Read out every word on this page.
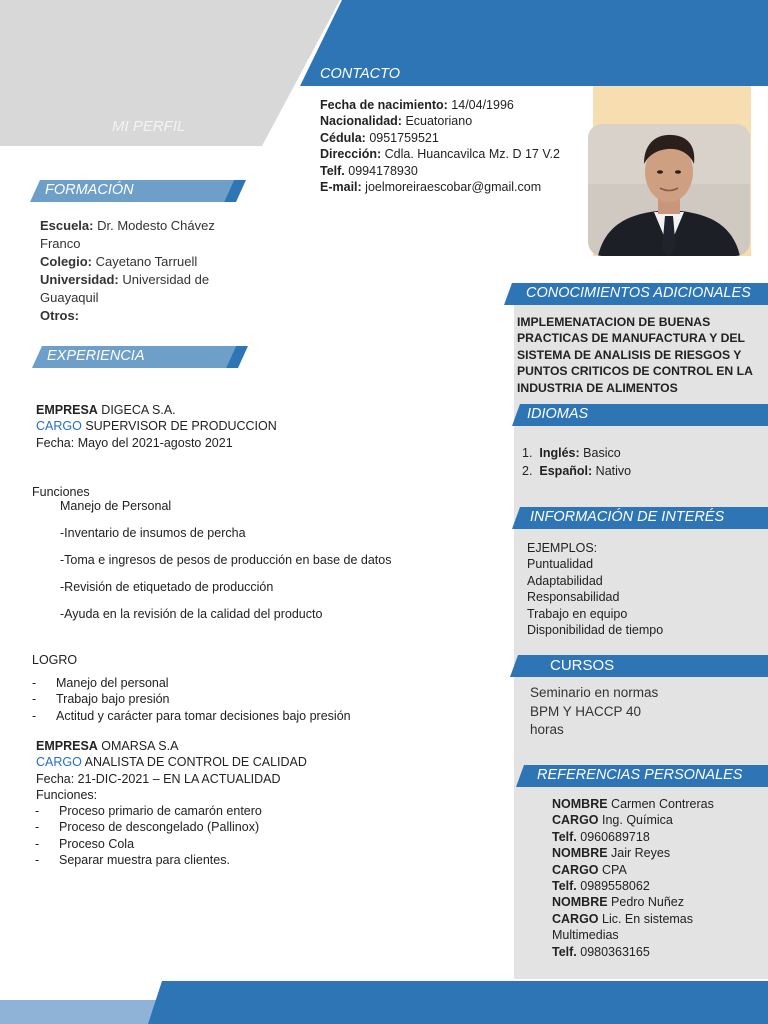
MI PERFIL
CONTACTO
Fecha de nacimiento: 14/04/1996
Nacionalidad: Ecuatoriano
Cédula: 0951759521
Dirección: Cdla. Huancavilca Mz. D 17 V.2
Telf. 0994178930
E-mail: joelmoreiraescobar@gmail.com
FORMACIÓN
Escuela: Dr. Modesto Chávez
Franco
Colegio: Cayetano Tarruell
Universidad: Universidad de
Guayaquil
Otros:
EXPERIENCIA
EMPRESA DIGECA S.A.
CARGO SUPERVISOR DE PRODUCCION
Fecha: Mayo del 2021-agosto 2021
Funciones
Manejo de Personal
-Inventario de insumos de percha
-Toma e ingresos de pesos de producción en base de datos
-Revisión de etiquetado de producción
-Ayuda en la revisión de la calidad del producto
LOGRO
- Manejo del personal
- Trabajo bajo presión
- Actitud y carácter para tomar decisiones bajo presión
EMPRESA OMARSA S.A
CARGO ANALISTA DE CONTROL DE CALIDAD
Fecha: 21-DIC-2021 – EN LA ACTUALIDAD
Funciones:
- Proceso primario de camarón entero
- Proceso de descongelado (Pallinox)
- Proceso Cola
- Separar muestra para clientes.
CONOCIMIENTOS ADICIONALES
IMPLEMENATACION DE BUENAS
PRACTICAS DE MANUFACTURA Y DEL
SISTEMA DE ANALISIS DE RIESGOS Y
PUNTOS CRITICOS DE CONTROL EN LA
INDUSTRIA DE ALIMENTOS
IDIOMAS
1. Inglés: Basico
2. Español: Nativo
INFORMACIÓN DE INTERÉS
EJEMPLOS:
Puntualidad
Adaptabilidad
Responsabilidad
Trabajo en equipo
Disponibilidad de tiempo
CURSOS
Seminario en normas
BPM Y HACCP 40
horas
REFERENCIAS PERSONALES
NOMBRE Carmen Contreras
CARGO Ing. Química
Telf. 0960689718
NOMBRE Jair Reyes
CARGO CPA
Telf. 0989558062
NOMBRE Pedro Nuñez
CARGO Lic. En sistemas
Multimedias
Telf. 0980363165
